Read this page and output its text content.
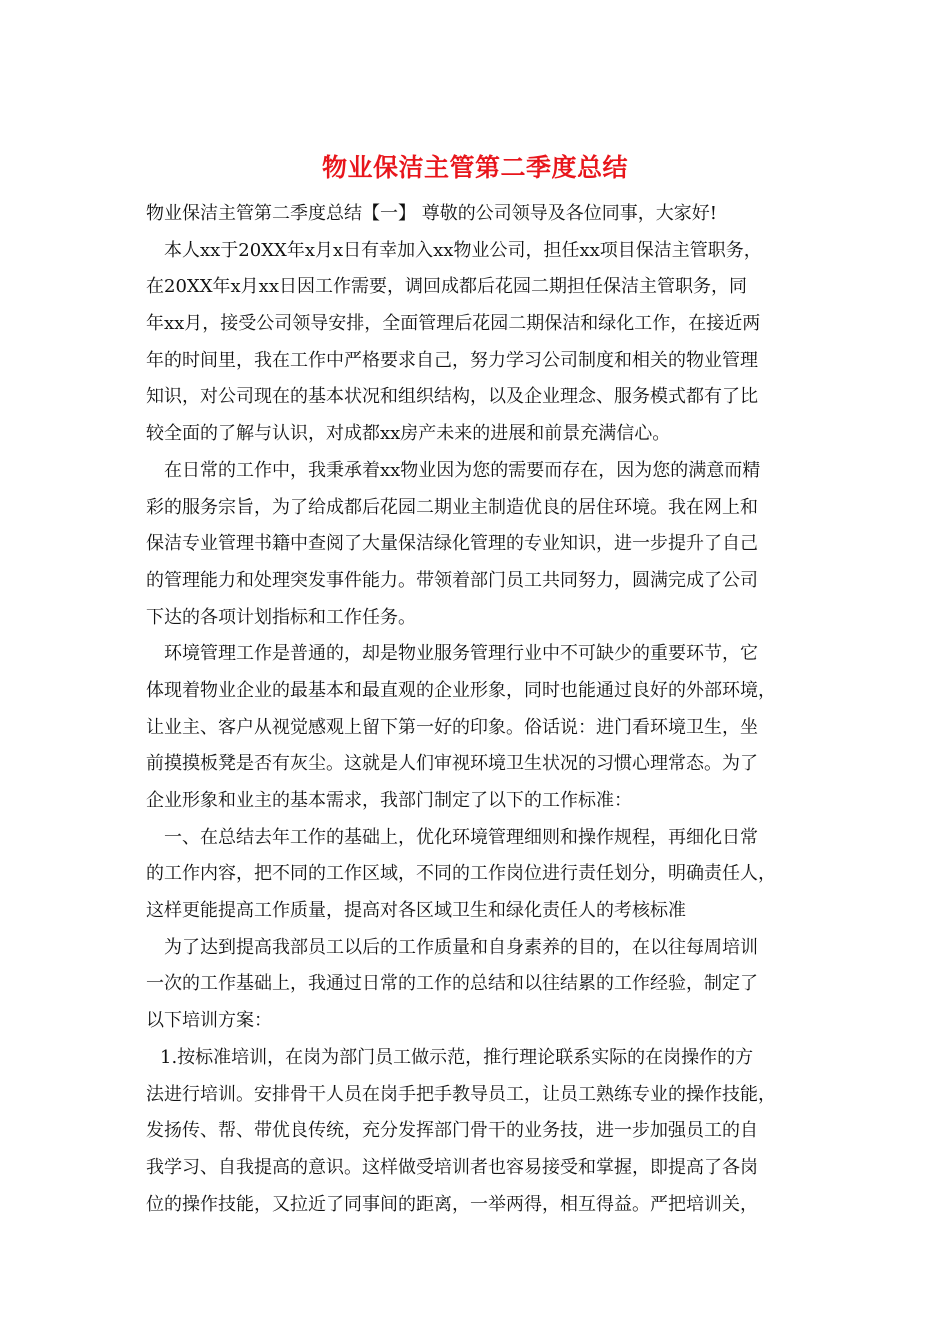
物业保洁主管第二季度总结
物业保洁主管第二季度总结【一】 尊敬的公司领导及各位同事，大家好!
本人xx于20XX年x月x日有幸加入xx物业公司，担任xx项目保洁主管职务，
在20XX年x月xx日因工作需要，调回成都后花园二期担任保洁主管职务，同
年xx月，接受公司领导安排，全面管理后花园二期保洁和绿化工作，在接近两
年的时间里，我在工作中严格要求自己，努力学习公司制度和相关的物业管理
知识，对公司现在的基本状况和组织结构，以及企业理念、服务模式都有了比
较全面的了解与认识，对成都xx房产未来的进展和前景充满信心。
在日常的工作中，我秉承着xx物业因为您的需要而存在，因为您的满意而精
彩的服务宗旨，为了给成都后花园二期业主制造优良的居住环境。我在网上和
保洁专业管理书籍中查阅了大量保洁绿化管理的专业知识，进一步提升了自己
的管理能力和处理突发事件能力。带领着部门员工共同努力，圆满完成了公司
下达的各项计划指标和工作任务。
环境管理工作是普通的，却是物业服务管理行业中不可缺少的重要环节，它
体现着物业企业的最基本和最直观的企业形象，同时也能通过良好的外部环境，
让业主、客户从视觉感观上留下第一好的印象。俗话说：进门看环境卫生，坐
前摸摸板凳是否有灰尘。这就是人们审视环境卫生状况的习惯心理常态。为了
企业形象和业主的基本需求，我部门制定了以下的工作标准：
一、在总结去年工作的基础上，优化环境管理细则和操作规程，再细化日常
的工作内容，把不同的工作区域，不同的工作岗位进行责任划分，明确责任人，
这样更能提高工作质量，提高对各区域卫生和绿化责任人的考核标准
为了达到提高我部员工以后的工作质量和自身素养的目的，在以往每周培训
一次的工作基础上，我通过日常的工作的总结和以往结累的工作经验，制定了
以下培训方案：
1.按标准培训，在岗为部门员工做示范，推行理论联系实际的在岗操作的方
法进行培训。安排骨干人员在岗手把手教导员工，让员工熟练专业的操作技能，
发扬传、帮、带优良传统，充分发挥部门骨干的业务技，进一步加强员工的自
我学习、自我提高的意识。这样做受培训者也容易接受和掌握，即提高了各岗
位的操作技能，又拉近了同事间的距离，一举两得，相互得益。严把培训关，
